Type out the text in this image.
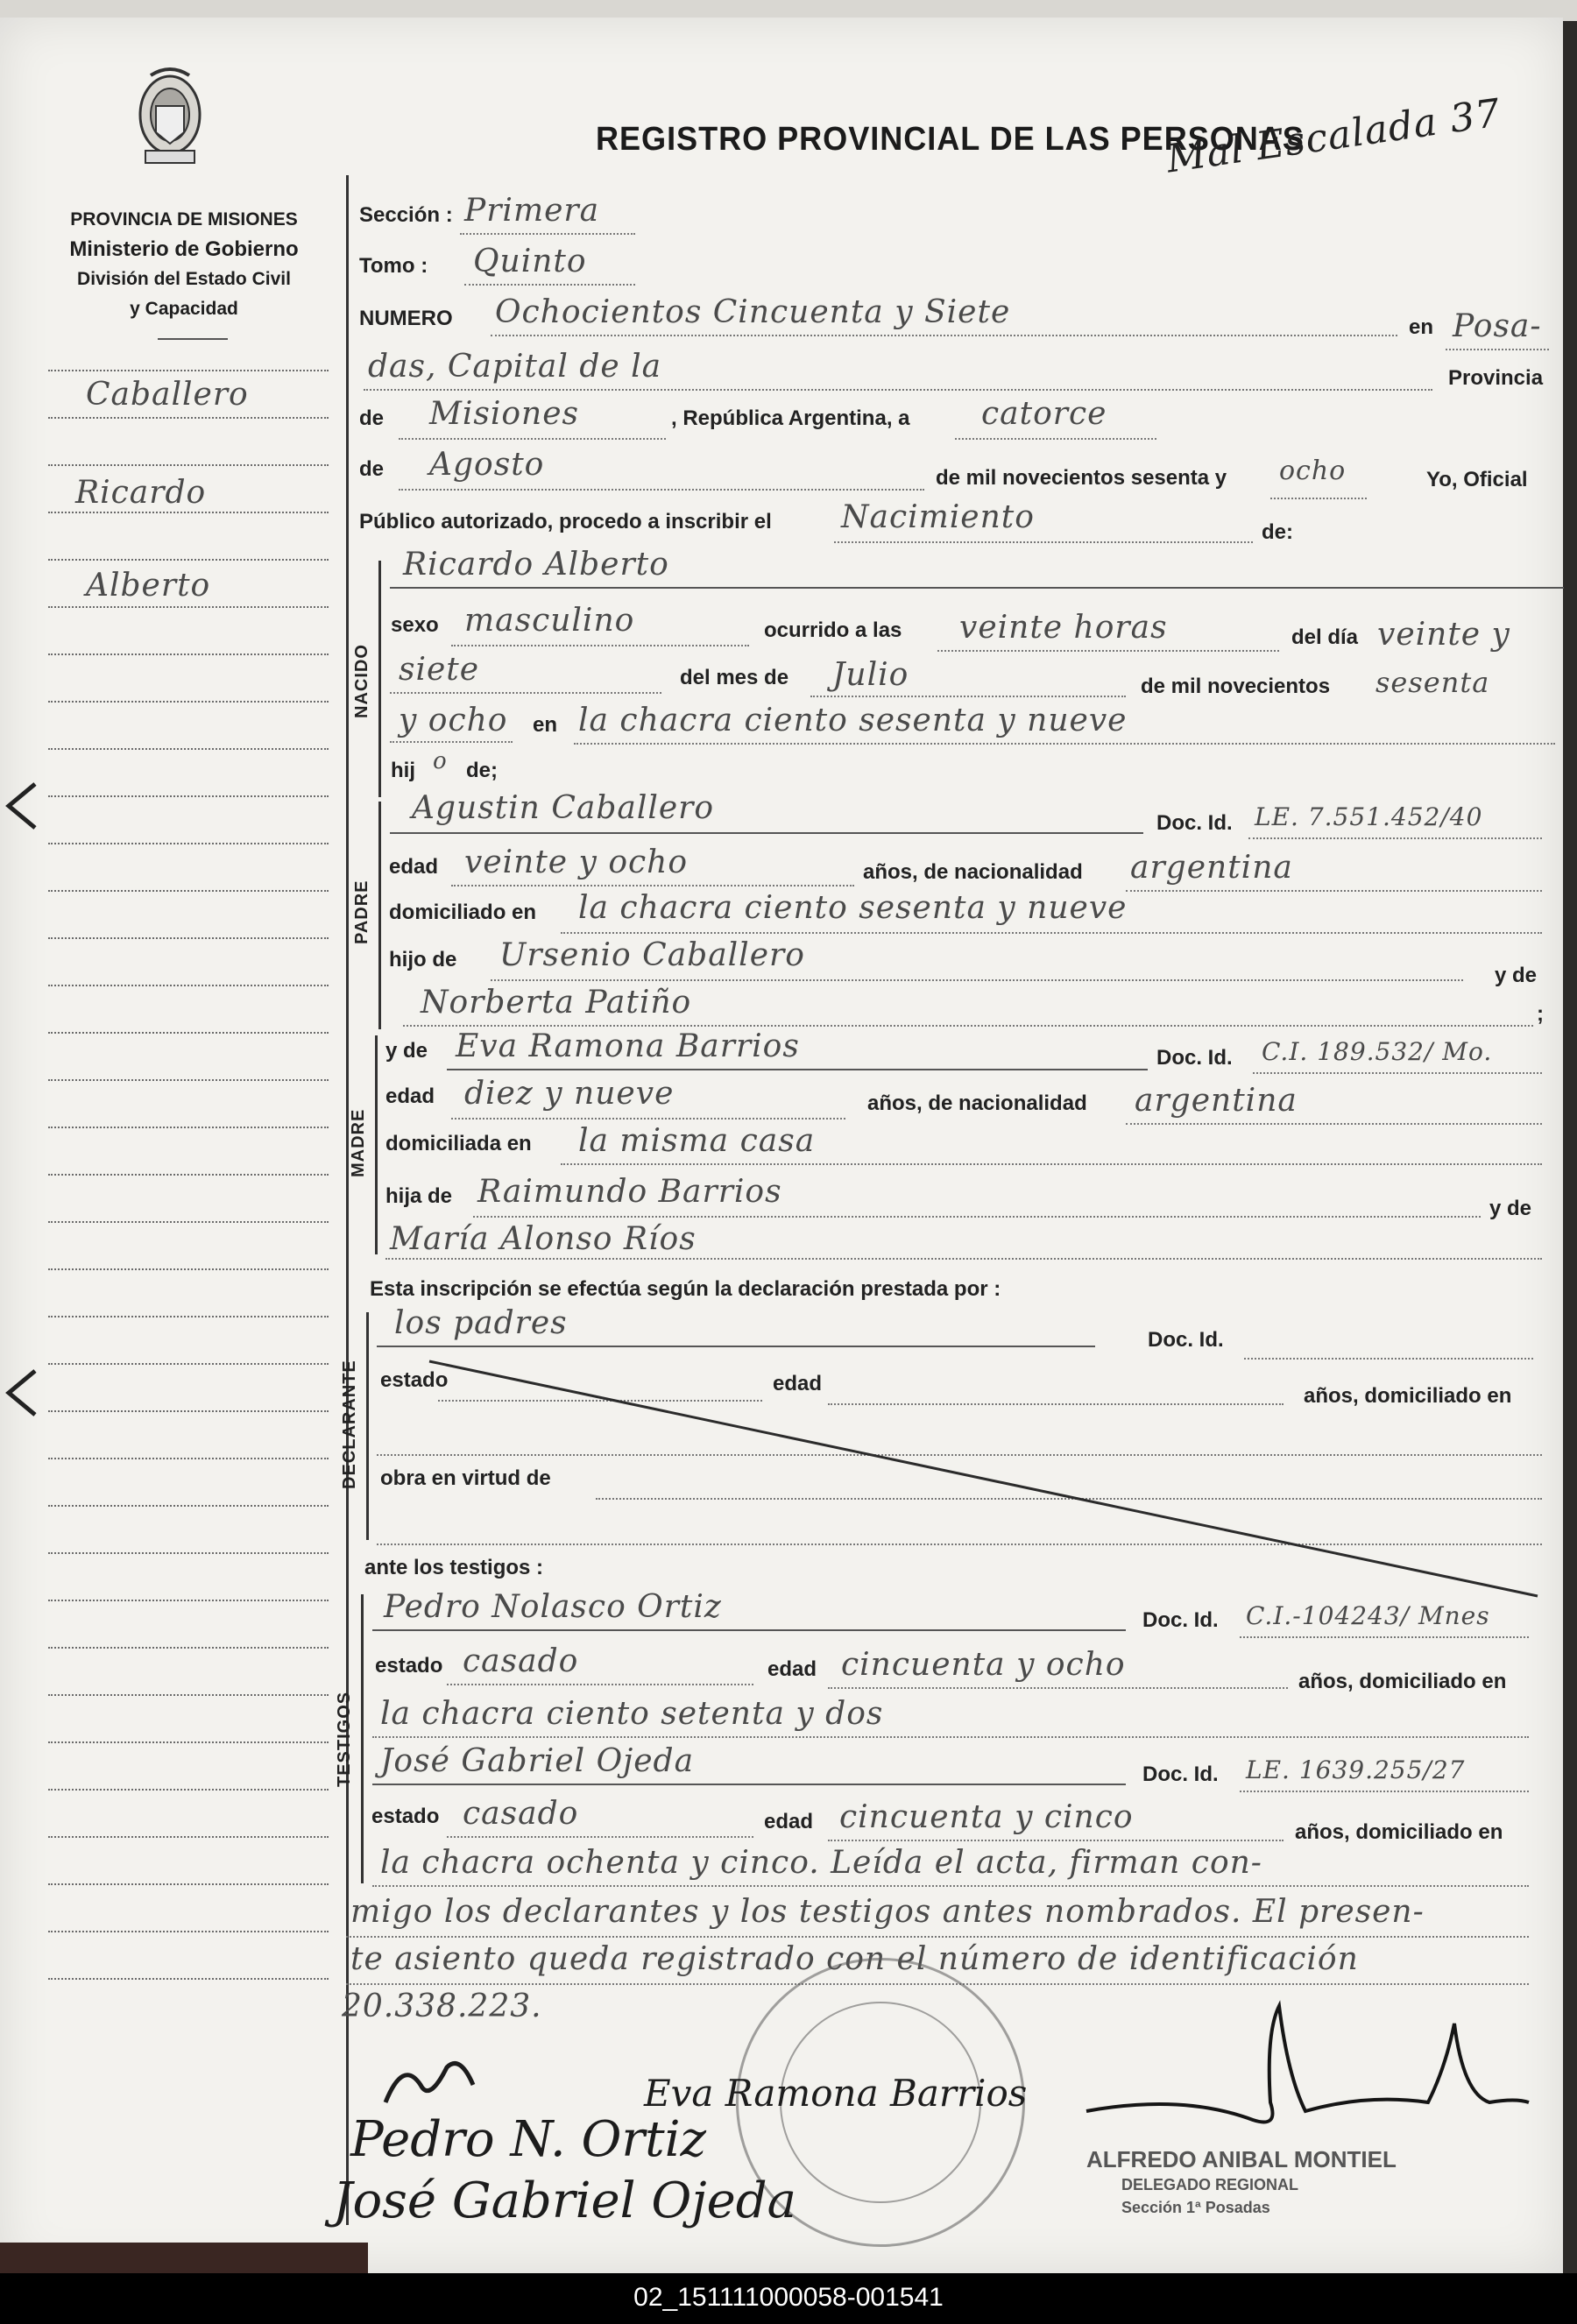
PROVINCIA DE MISIONES
Ministerio de Gobierno
División del Estado Civil
y Capacidad
REGISTRO PROVINCIAL DE LAS PERSONAS
Mal Escalada 37
Caballero
Ricardo
Alberto
Sección : Primera
Tomo : Quinto
NUMERO Ochocientos Cincuenta y Siete	en Posa-
das, Capital de la	Provincia
de Misiones	, República Argentina, a catorce
de Agosto	de mil novecientos sesenta y ocho	Yo, Oficial
Público autorizado, procedo a inscribir el Nacimiento	de:
NACIDO
Ricardo Alberto
sexo masculino	ocurrido a las veinte horas	del día veinte y
siete	del mes de Julio	de mil novecientos sesenta
y ocho en la chacra ciento sesenta y nueve
hij o de;
PADRE
Agustin Caballero	Doc. Id. LE. 7.551.452/40
edad veinte y ocho	años, de nacionalidad argentina
domiciliado en la chacra ciento sesenta y nueve
hijo de Ursenio Caballero
y de
Norberta Patiño	;
MADRE
y de Eva Ramona Barrios	Doc. Id. C.I. 189.532/ Mo.
edad diez y nueve	años, de nacionalidad argentina
domiciliada en la misma casa
hija de Raimundo Barrios	y de
María Alonso Ríos
Esta inscripción se efectúa según la declaración prestada por :
DECLARANTE
los padres	Doc. Id.
estado	edad
años, domiciliado en
obra en virtud de
ante los testigos :
TESTIGOS
Pedro Nolasco Ortiz	Doc. Id. C.I.-104243/ Mnes
estado casado	edad cincuenta y ocho	años, domiciliado en
la chacra ciento setenta y dos
José Gabriel Ojeda	Doc. Id. LE. 1639.255/27
estado casado	edad cincuenta y cinco	años, domiciliado en
la chacra ochenta y cinco. Leída el acta, firman con-
migo los declarantes y los testigos antes nombrados. El presen-
te asiento queda registrado con el número de identificación
20.338.223.
Eva Ramona Barrios
Pedro N. Ortiz
José Gabriel Ojeda
ALFREDO ANIBAL MONTIEL
DELEGADO REGIONAL
Sección 1ª Posadas
02_151111000058-001541
